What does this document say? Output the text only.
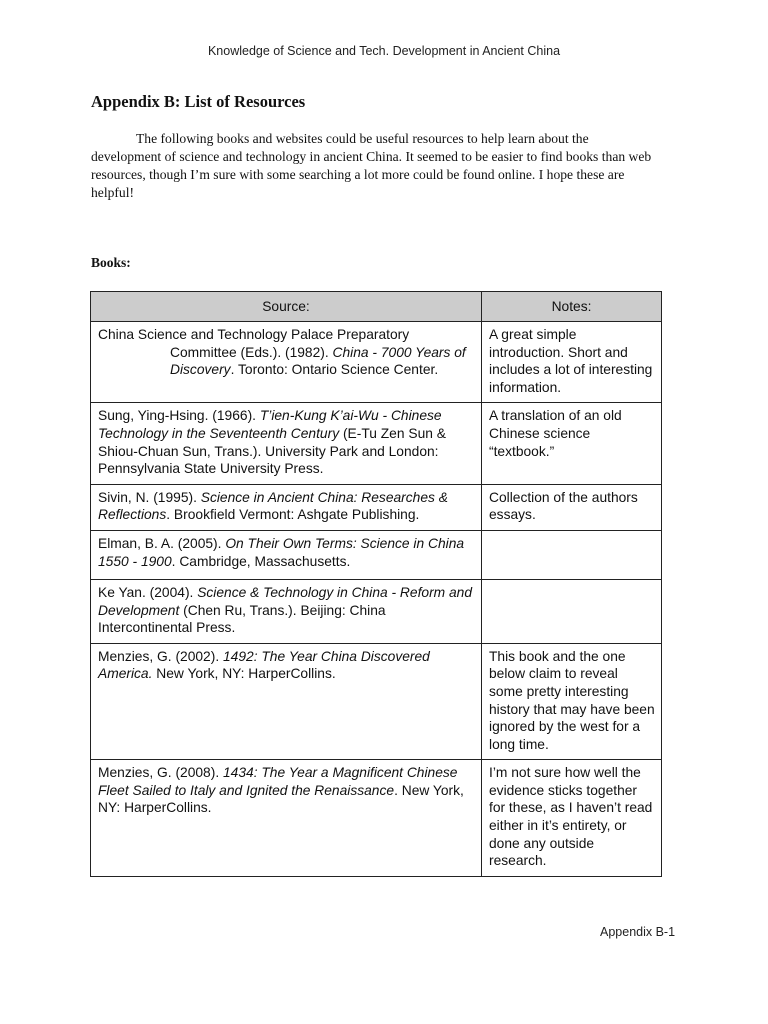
Knowledge of Science and Tech. Development in Ancient China
Appendix B: List of Resources

The following books and websites could be useful resources to help learn about the development of science and technology in ancient China. It seemed to be easier to find books than web resources, though I’m sure with some searching a lot more could be found online. I hope these are helpful!

Books:
Source:	Notes:
China Science and Technology Palace Preparatory
Committee (Eds.). (1982). China - 7000 Years of Discovery. Toronto: Ontario Science Center.	A great simple introduction. Short and includes a lot of interesting information.
Sung, Ying-Hsing. (1966). T’ien-Kung K’ai-Wu - Chinese Technology in the Seventeenth Century (E-Tu Zen Sun & Shiou-Chuan Sun, Trans.). University Park and London: Pennsylvania State University Press.	A translation of an old Chinese science “textbook.”
Sivin, N. (1995). Science in Ancient China: Researches & Reflections. Brookfield Vermont: Ashgate Publishing.	Collection of the authors essays.
Elman, B. A. (2005). On Their Own Terms: Science in China 1550 - 1900. Cambridge, Massachusetts.	
Ke Yan. (2004). Science & Technology in China - Reform and Development (Chen Ru, Trans.). Beijing: China Intercontinental Press.	
Menzies, G. (2002). 1492: The Year China Discovered America. New York, NY: HarperCollins.	This book and the one below claim to reveal some pretty interesting history that may have been ignored by the west for a long time.
Menzies, G. (2008). 1434: The Year a Magnificent Chinese Fleet Sailed to Italy and Ignited the Renaissance. New York, NY: HarperCollins.	I’m not sure how well the evidence sticks together for these, as I haven’t read either in it’s entirety, or done any outside research.
Appendix B-1
